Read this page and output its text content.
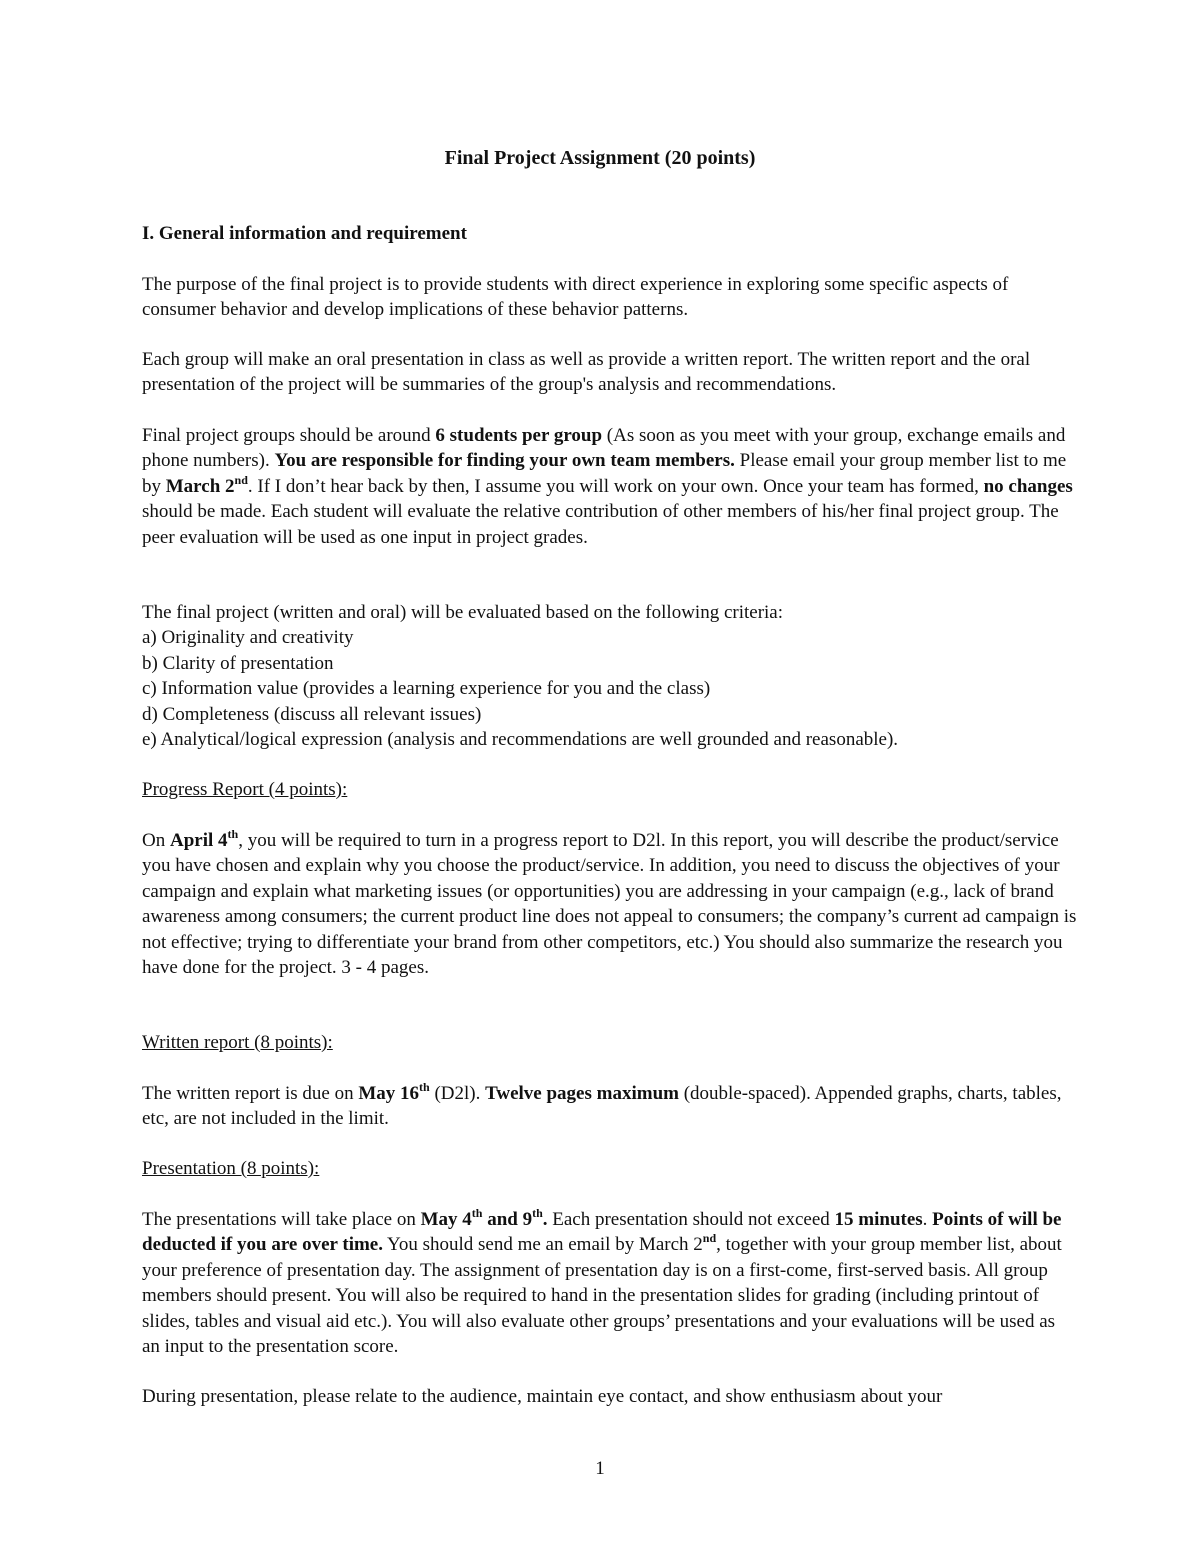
Final Project Assignment (20 points)

I. General information and requirement

The purpose of the final project is to provide students with direct experience in exploring some specific aspects of consumer behavior and develop implications of these behavior patterns.

Each group will make an oral presentation in class as well as provide a written report. The written report and the oral presentation of the project will be summaries of the group's analysis and recommendations.

Final project groups should be around 6 students per group (As soon as you meet with your group, exchange emails and phone numbers). You are responsible for finding your own team members. Please email your group member list to me by March 2nd. If I don’t hear back by then, I assume you will work on your own. Once your team has formed, no changes should be made. Each student will evaluate the relative contribution of other members of his/her final project group. The peer evaluation will be used as one input in project grades.

The final project (written and oral) will be evaluated based on the following criteria:
a) Originality and creativity
b) Clarity of presentation
c) Information value (provides a learning experience for you and the class)
d) Completeness (discuss all relevant issues)
e) Analytical/logical expression (analysis and recommendations are well grounded and reasonable).

Progress Report (4 points):

On April 4th, you will be required to turn in a progress report to D2l. In this report, you will describe the product/service you have chosen and explain why you choose the product/service. In addition, you need to discuss the objectives of your campaign and explain what marketing issues (or opportunities) you are addressing in your campaign (e.g., lack of brand awareness among consumers; the current product line does not appeal to consumers; the company’s current ad campaign is not effective; trying to differentiate your brand from other competitors, etc.) You should also summarize the research you have done for the project. 3 - 4 pages.

Written report (8 points):

The written report is due on May 16th (D2l). Twelve pages maximum (double-spaced). Appended graphs, charts, tables, etc, are not included in the limit.

Presentation (8 points):

The presentations will take place on May 4th and 9th. Each presentation should not exceed 15 minutes. Points of will be deducted if you are over time. You should send me an email by March 2nd, together with your group member list, about your preference of presentation day. The assignment of presentation day is on a first-come, first-served basis. All group members should present. You will also be required to hand in the presentation slides for grading (including printout of slides, tables and visual aid etc.). You will also evaluate other groups’ presentations and your evaluations will be used as an input to the presentation score.

During presentation, please relate to the audience, maintain eye contact, and show enthusiasm about your

1
